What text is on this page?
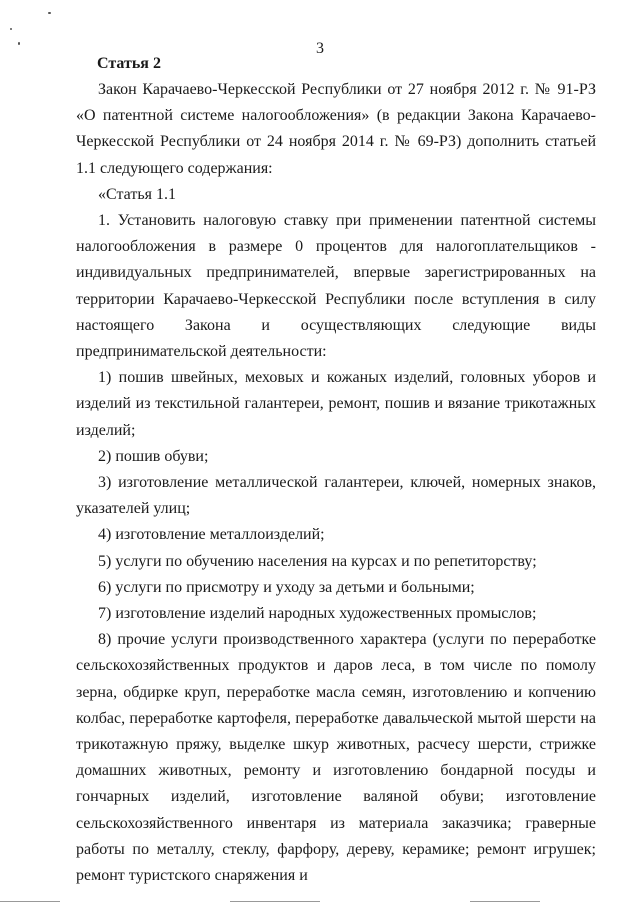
3
Статья 2

Закон Карачаево-Черкесской Республики от 27 ноября 2012 г. № 91-РЗ «О патентной системе налогообложения» (в редакции Закона Карачаево-Черкесской Республики от 24 ноября 2014 г. № 69-РЗ) дополнить статьей 1.1 следующего содержания:

«Статья 1.1

1. Установить налоговую ставку при применении патентной системы налогообложения в размере 0 процентов для налогоплательщиков - индивидуальных предпринимателей, впервые зарегистрированных на территории Карачаево-Черкесской Республики после вступления в силу настоящего Закона и осуществляющих следующие виды предпринимательской деятельности:

1) пошив швейных, меховых и кожаных изделий, головных уборов и изделий из текстильной галантереи, ремонт, пошив и вязание трикотажных изделий;

2) пошив обуви;

3) изготовление металлической галантереи, ключей, номерных знаков, указателей улиц;

4) изготовление металлоизделий;

5) услуги по обучению населения на курсах и по репетиторству;

6) услуги по присмотру и уходу за детьми и больными;

7) изготовление изделий народных художественных промыслов;

8) прочие услуги производственного характера (услуги по переработке сельскохозяйственных продуктов и даров леса, в том числе по помолу зерна, обдирке круп, переработке масла семян, изготовлению и копчению колбас, переработке картофеля, переработке давальческой мытой шерсти на трикотажную пряжу, выделке шкур животных, расчесу шерсти, стрижке домашних животных, ремонту и изготовлению бондарной посуды и гончарных изделий, изготовление валяной обуви; изготовление сельскохозяйственного инвентаря из материала заказчика; граверные работы по металлу, стеклу, фарфору, дереву, керамике; ремонт игрушек; ремонт туристского снаряжения и
